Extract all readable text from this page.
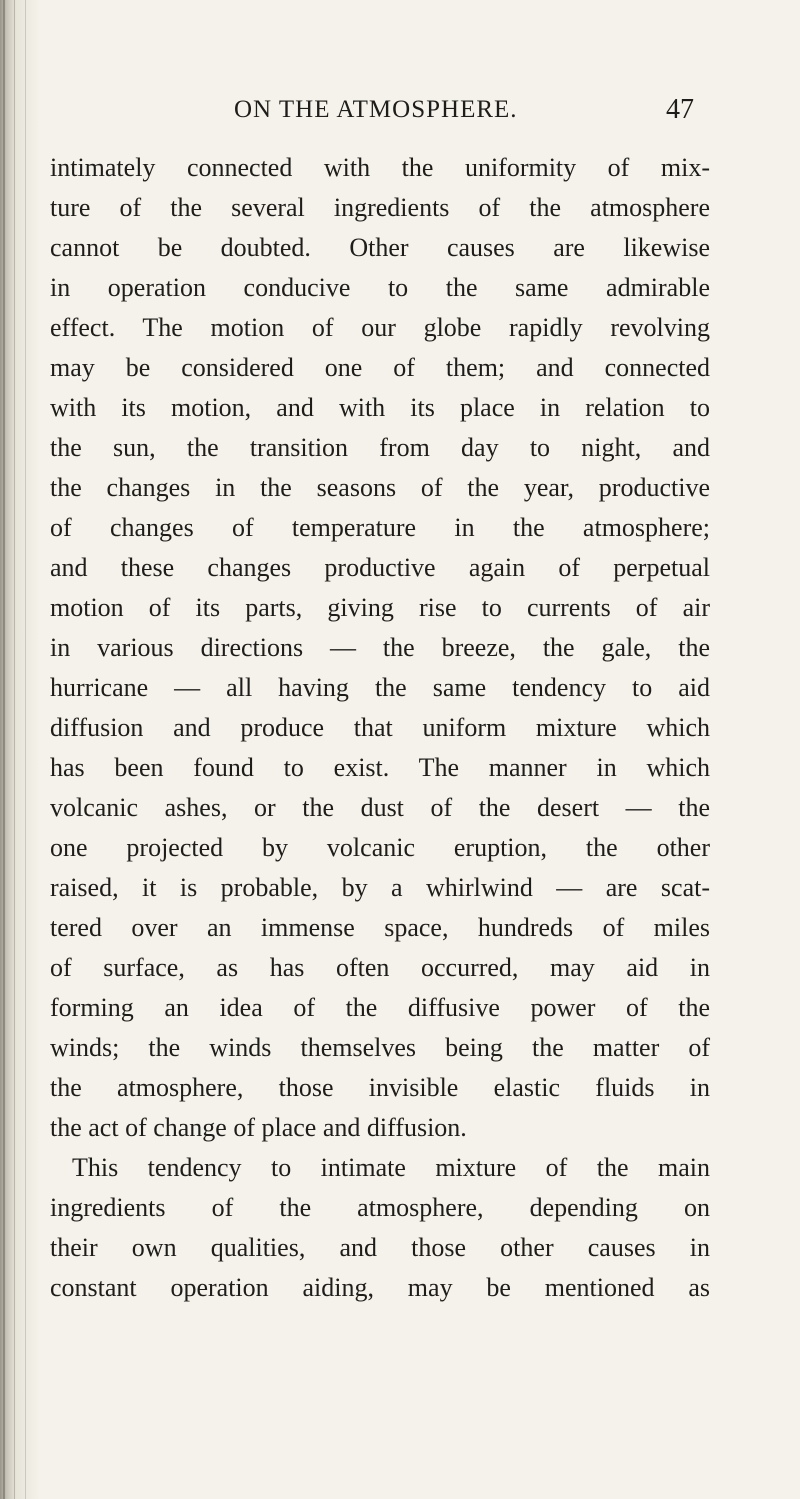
ON THE ATMOSPHERE.	47
intimately connected with the uniformity of mix-
ture of the several ingredients of the atmosphere
cannot be doubted. Other causes are likewise
in operation conducive to the same admirable
effect. The motion of our globe rapidly revolving
may be considered one of them; and connected
with its motion, and with its place in relation to
the sun, the transition from day to night, and
the changes in the seasons of the year, productive
of changes of temperature in the atmosphere;
and these changes productive again of perpetual
motion of its parts, giving rise to currents of air
in various directions — the breeze, the gale, the
hurricane — all having the same tendency to aid
diffusion and produce that uniform mixture which
has been found to exist. The manner in which
volcanic ashes, or the dust of the desert — the
one projected by volcanic eruption, the other
raised, it is probable, by a whirlwind — are scat-
tered over an immense space, hundreds of miles
of surface, as has often occurred, may aid in
forming an idea of the diffusive power of the
winds; the winds themselves being the matter of
the atmosphere, those invisible elastic fluids in
the act of change of place and diffusion.
This tendency to intimate mixture of the main
ingredients of the atmosphere, depending on
their own qualities, and those other causes in
constant operation aiding, may be mentioned as
